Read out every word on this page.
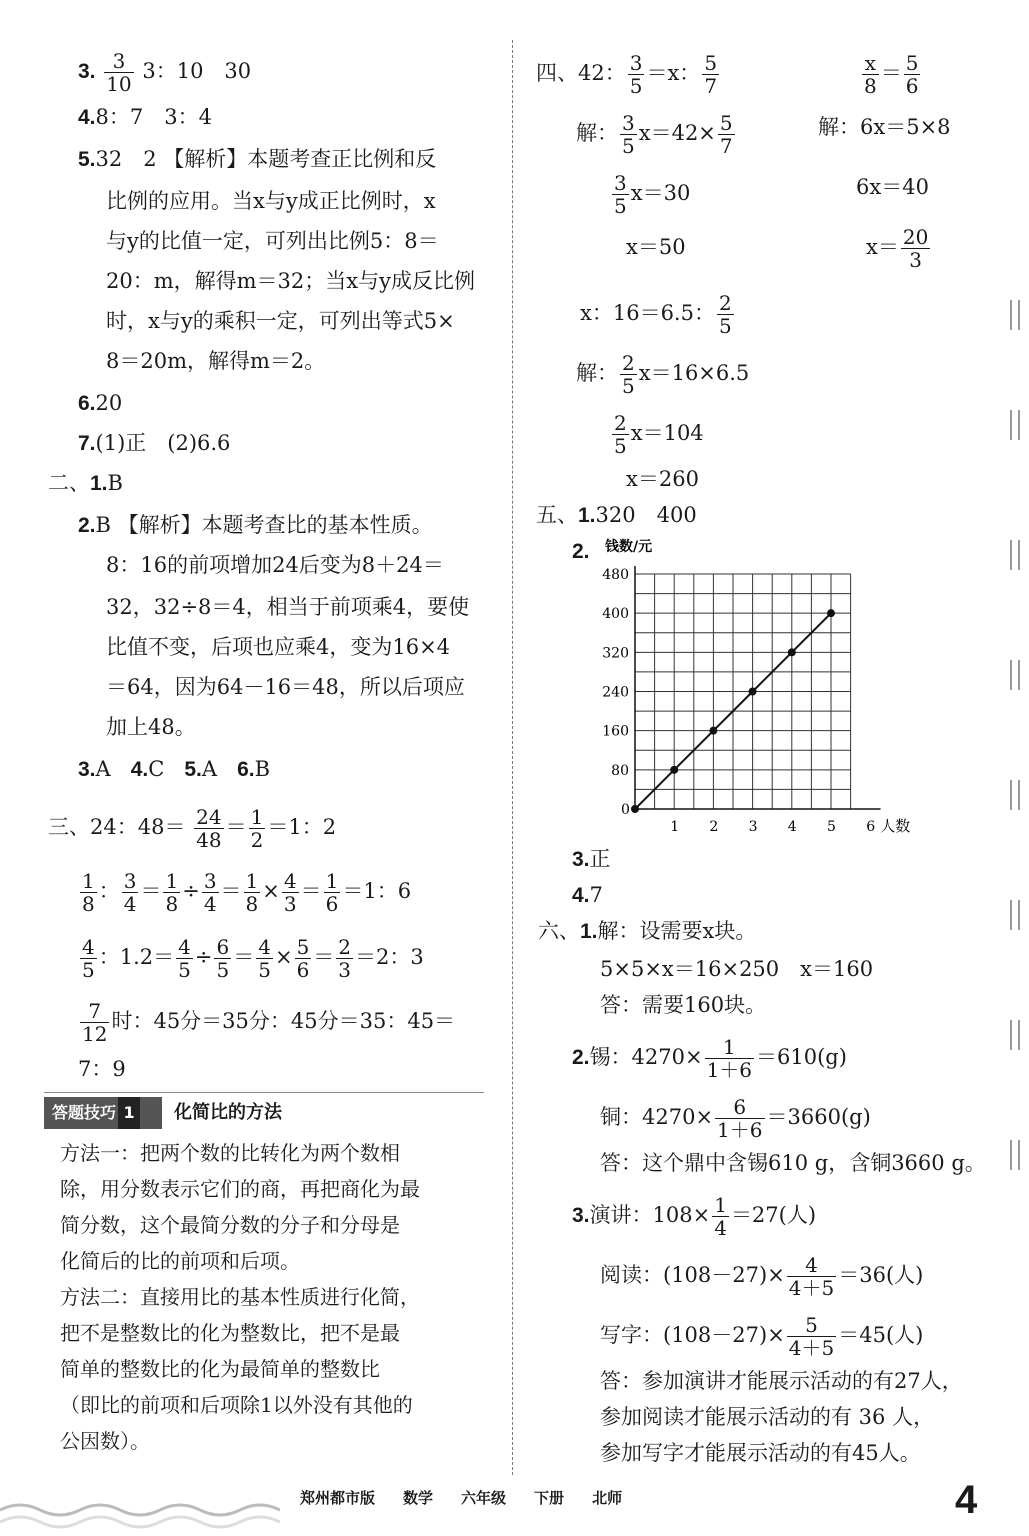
3. $\frac{3}{10} 3$：10　30
4.8：7　3：4
5.32　2 【解析】本题考查正比例和反
比例的应用。当x与y成正比例时，x
与y的比值一定，可列出比例5：8＝
20：m，解得m＝32；当x与y成反比例
时，x与y的乘积一定，可列出等式5×
8＝20m，解得m＝2。
6.20
7.(1)正　(2)6.6
二、1.B
2.B 【解析】本题考查比的基本性质。
8：16的前项增加24后变为8＋24＝
32，32÷8＝4，相当于前项乘4，要使
比值不变，后项也应乘4，变为16×4
＝64，因为64－16＝48，所以后项应
加上48。
3.A 4.C 5.A 6.B
三、24：$48= \frac{24}{48} = \frac{1}{2} =1$：2
$\frac{1}{8}$ ： $\frac{3}{4} = \frac{1}{8} \div \frac{3}{4} = \frac{1}{8} \times \frac{4}{3} = \frac{1}{6} =1$：6
$\frac{4}{5}$ ：$1.2= \frac{4}{5} \div \frac{6}{5} = \frac{4}{5} \times \frac{5}{6} = \frac{2}{3} =2$：3
$\frac{7}{12}$ 时：45分＝35分：45分＝35：45＝
7：9
答题技巧 1	化简比的方法
方法一：把两个数的比转化为两个数相
除，用分数表示它们的商，再把商化为最
简分数，这个最简分数的分子和分母是
化简后的比的前项和后项。
方法二：直接用比的基本性质进行化简，
把不是整数比的化为整数比，把不是最
简单的整数比的化为最简单的整数比
（即比的前项和后项除1以外没有其他的
公因数）。
四、42： $\frac{3}{5} =x$： $\frac{5}{7}$	$\frac{x}{8} = \frac{5}{6}$
解： $\frac{3}{5} x=42\times \frac{5}{7}$	解：6x＝5×8
$\frac{3}{5} x=30$	6x＝40
x＝50	$x= \frac{20}{3}$
x：16＝6.5： $\frac{2}{5}$
解： $\frac{2}{5} x=16\times 6.5$
$\frac{2}{5} x=104$
x＝260
五、1.320　400
2. 钱数/元
人数
0
1 2 3 4 5 6
80
160
240
320
400
480
3.正
4.7
六、1.解：设需要x块。
5×5×x＝16×250　x＝160
答：需要160块。
2.锡：$4270\times \frac{1}{1+6} =610(g)$
铜：$4270\times \frac{6}{1+6} =3660(g)$
答：这个鼎中含锡610 g，含铜3660 g。
3.演讲：$108\times \frac{1}{4} =27$(人)
阅读：$(108-27)\times \frac{4}{4+5} =36$(人)
写字：$(108-27)\times \frac{5}{4+5} =45$(人)
答：参加演讲才能展示活动的有27人，
参加阅读才能展示活动的有 36 人，
参加写字才能展示活动的有45人。
郑州都市版 数学 六年级 下册 北师	4
